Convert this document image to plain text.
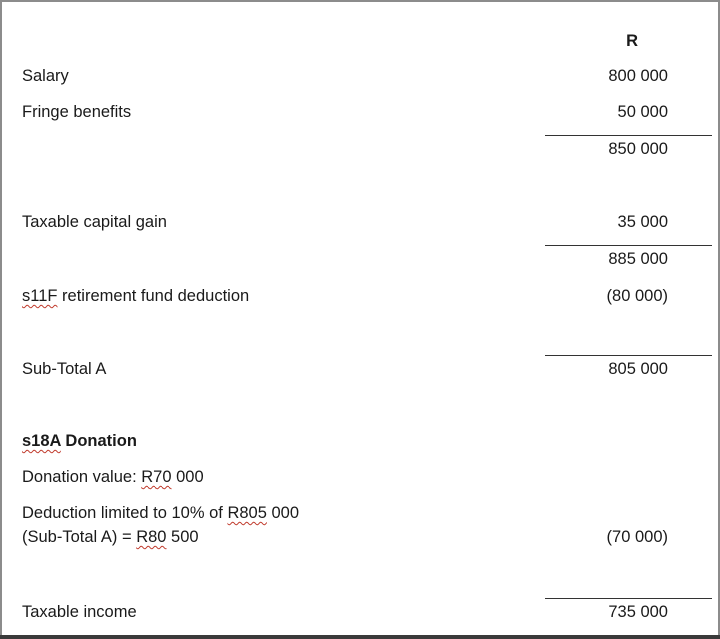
R
Salary	800 000
Fringe benefits	50 000
850 000
Taxable capital gain	35 000
885 000
s11F retirement fund deduction	(80 000)
Sub-Total A	805 000
s18A Donation
Donation value: R70 000
Deduction limited to 10% of R805 000
(Sub-Total A) = R80 500	(70 000)
Taxable income	735 000
